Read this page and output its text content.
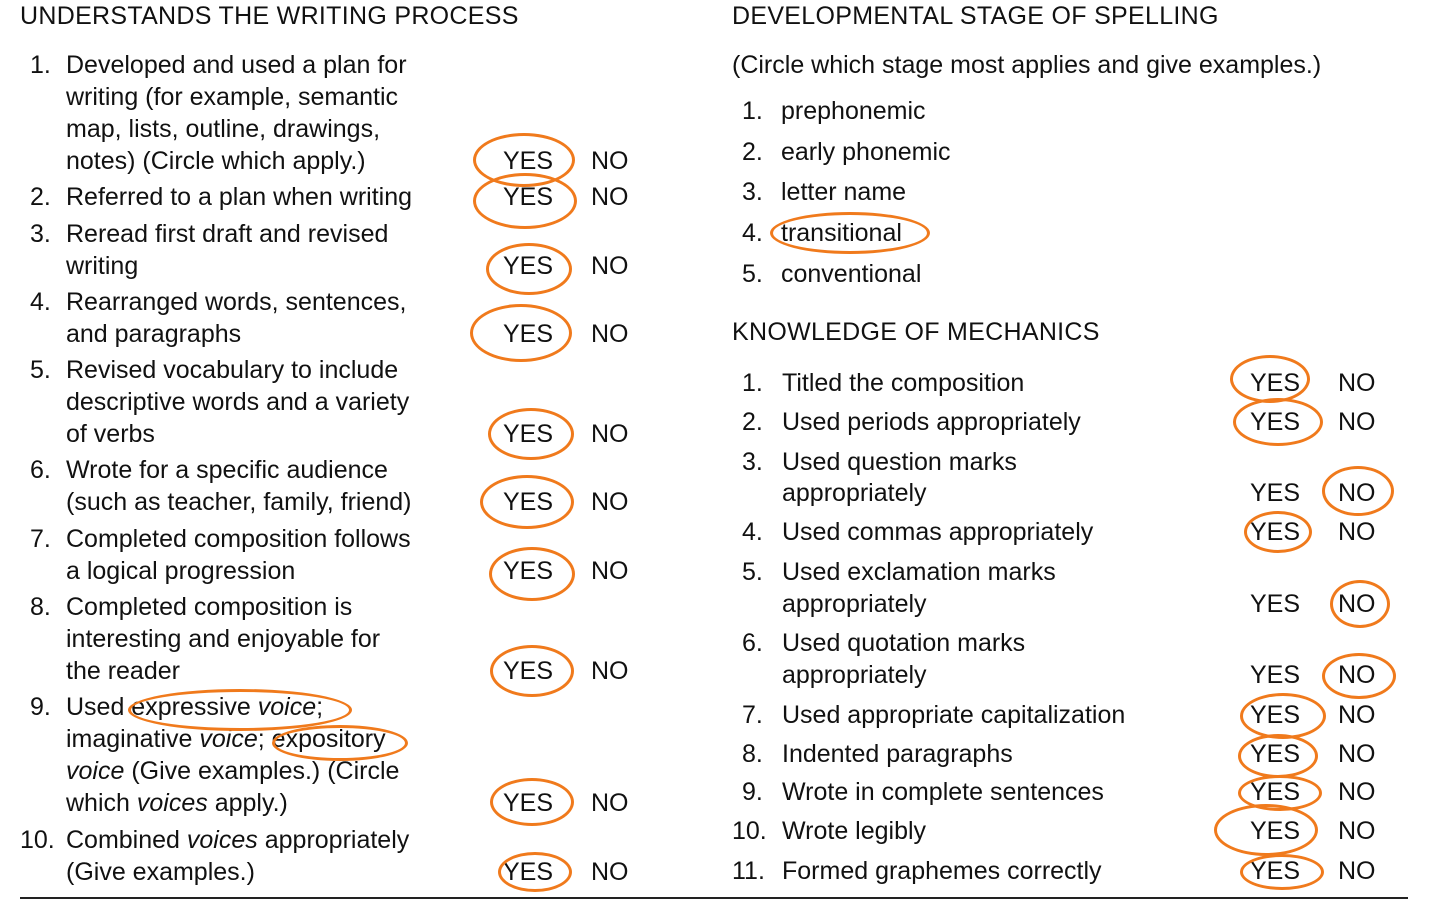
UNDERSTANDS THE WRITING PROCESS
1. Developed and used a plan for
writing (for example, semantic
map, lists, outline, drawings,
notes) (Circle which apply.)	YES NO
2. Referred to a plan when writing	YES NO
3. Reread first draft and revised
writing	YES NO
4. Rearranged words, sentences,
and paragraphs	YES NO
5. Revised vocabulary to include
descriptive words and a variety
of verbs	YES NO
6. Wrote for a specific audience
(such as teacher, family, friend)	YES NO
7. Completed composition follows
a logical progression	YES NO
8. Completed composition is
interesting and enjoyable for
the reader	YES NO
9. Used expressive voice;
imaginative voice; expository
voice (Give examples.) (Circle
which voices apply.)	YES NO
10. Combined voices appropriately
(Give examples.)	YES NO
DEVELOPMENTAL STAGE OF SPELLING
(Circle which stage most applies and give examples.)
1. prephonemic
2. early phonemic
3. letter name
4. transitional
5. conventional
KNOWLEDGE OF MECHANICS
1. Titled the composition	YES NO
2. Used periods appropriately	YES NO
3. Used question marks
appropriately	YES NO
4. Used commas appropriately	YES NO
5. Used exclamation marks
appropriately	YES NO
6. Used quotation marks
appropriately	YES NO
7. Used appropriate capitalization	YES NO
8. Indented paragraphs	YES NO
9. Wrote in complete sentences	YES NO
10. Wrote legibly	YES NO
11. Formed graphemes correctly	YES NO
